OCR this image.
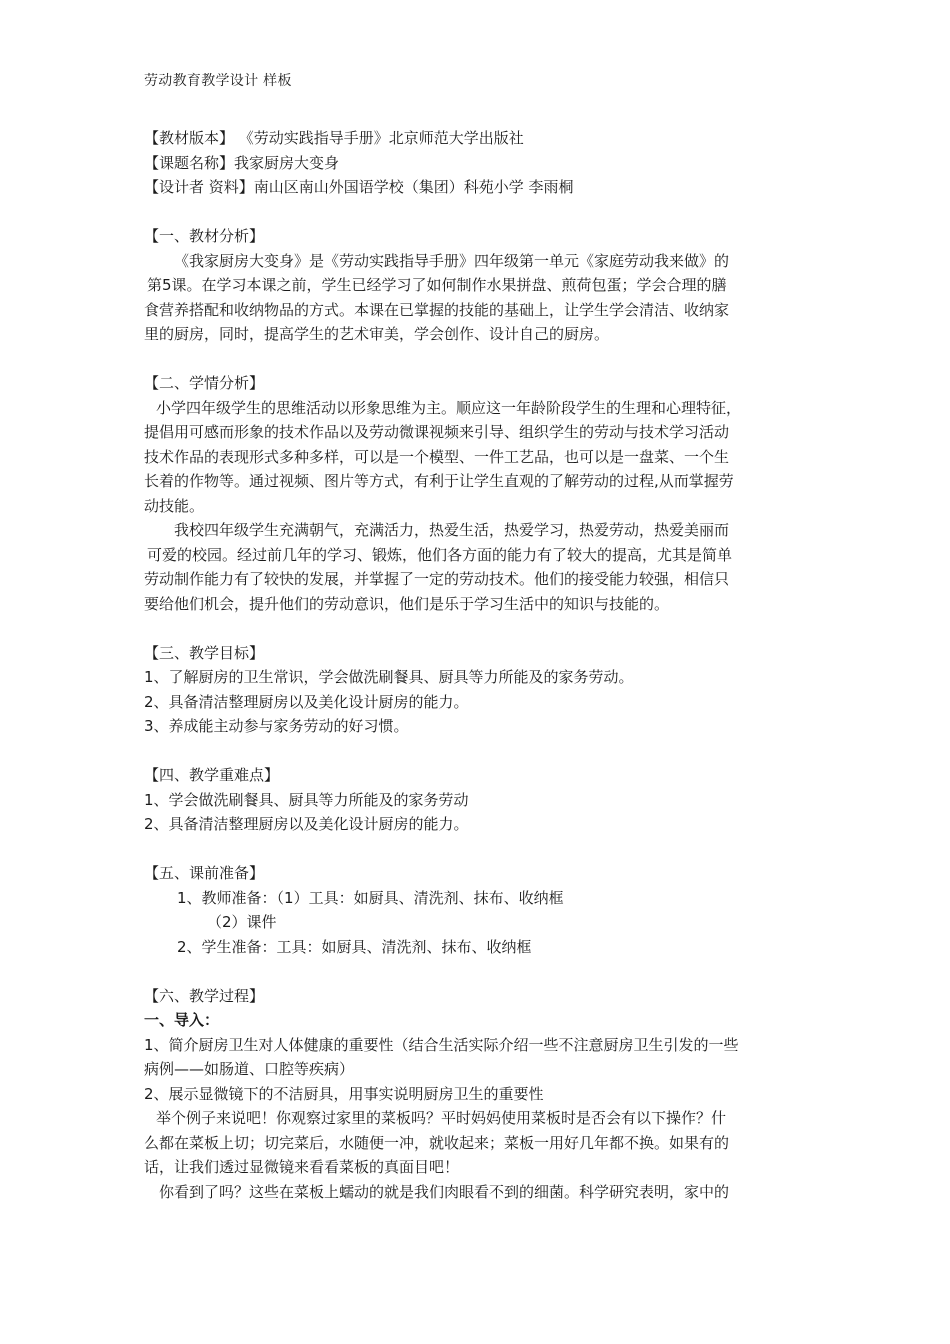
劳动教育教学设计 样板

【教材版本】 《劳动实践指导手册》北京师范大学出版社

【课题名称】我家厨房大变身

【设计者 资料】南山区南山外国语学校（集团）科苑小学 李雨桐

【一、教材分析】

《我家厨房大变身》是《劳动实践指导手册》四年级第一单元《家庭劳动我来做》的

第5课。在学习本课之前，学生已经学习了如何制作水果拼盘、煎荷包蛋；学会合理的膳

食营养搭配和收纳物品的方式。本课在已掌握的技能的基础上，让学生学会清洁、收纳家

里的厨房，同时，提高学生的艺术审美，学会创作、设计自己的厨房。

【二、学情分析】

小学四年级学生的思维活动以形象思维为主。顺应这一年龄阶段学生的生理和心理特征，

提倡用可感而形象的技术作品以及劳动微课视频来引导、组织学生的劳动与技术学习活动

技术作品的表现形式多种多样，可以是一个模型、一件工艺品，也可以是一盘菜、一个生

长着的作物等。通过视频、图片等方式，有利于让学生直观的了解劳动的过程,从而掌握劳

动技能。

我校四年级学生充满朝气，充满活力，热爱生活，热爱学习，热爱劳动，热爱美丽而

可爱的校园。经过前几年的学习、锻炼，他们各方面的能力有了较大的提高，尤其是简单

劳动制作能力有了较快的发展，并掌握了一定的劳动技术。他们的接受能力较强，相信只

要给他们机会，提升他们的劳动意识，他们是乐于学习生活中的知识与技能的。

【三、教学目标】

1、了解厨房的卫生常识，学会做洗刷餐具、厨具等力所能及的家务劳动。

2、具备清洁整理厨房以及美化设计厨房的能力。

3、养成能主动参与家务劳动的好习惯。

【四、教学重难点】

1、学会做洗刷餐具、厨具等力所能及的家务劳动

2、具备清洁整理厨房以及美化设计厨房的能力。

【五、课前准备】

1、教师准备：（1）工具：如厨具、清洗剂、抹布、收纳框

（2）课件

2、学生准备：工具：如厨具、清洗剂、抹布、收纳框

【六、教学过程】

一、导入：

1、简介厨房卫生对人体健康的重要性（结合生活实际介绍一些不注意厨房卫生引发的一些

病例——如肠道、口腔等疾病）

2、展示显微镜下的不洁厨具，用事实说明厨房卫生的重要性

举个例子来说吧！你观察过家里的菜板吗？平时妈妈使用菜板时是否会有以下操作？什

么都在菜板上切；切完菜后，水随便一冲，就收起来；菜板一用好几年都不换。如果有的

话，让我们透过显微镜来看看菜板的真面目吧！

你看到了吗？这些在菜板上蠕动的就是我们肉眼看不到的细菌。科学研究表明，家中的
